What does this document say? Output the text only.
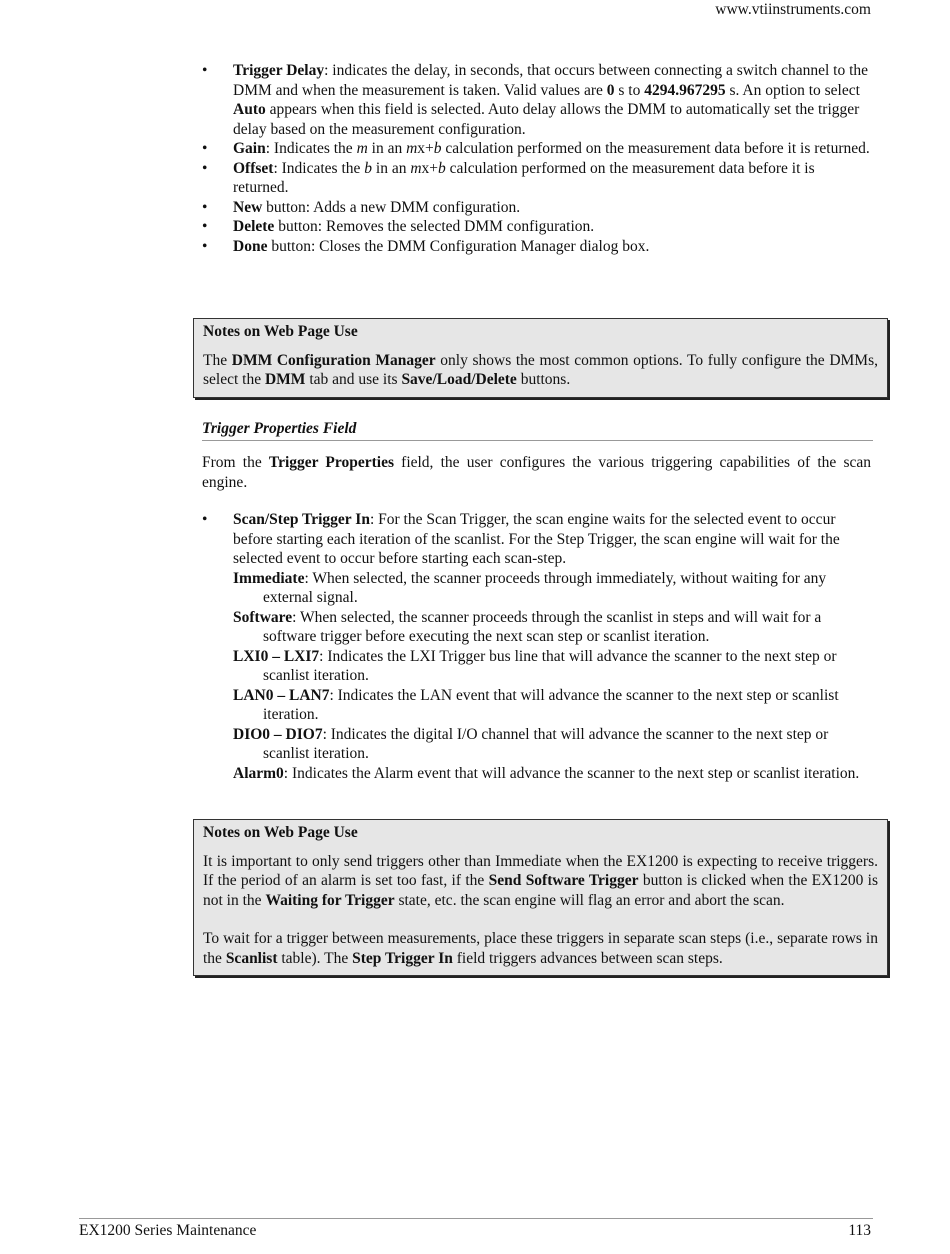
www.vtiinstruments.com
• Trigger Delay: indicates the delay, in seconds, that occurs between connecting a switch channel to the DMM and when the measurement is taken. Valid values are 0 s to 4294.967295 s. An option to select Auto appears when this field is selected. Auto delay allows the DMM to automatically set the trigger delay based on the measurement configuration.
• Gain: Indicates the m in an mx+b calculation performed on the measurement data before it is returned.
• Offset: Indicates the b in an mx+b calculation performed on the measurement data before it is returned.
• New button: Adds a new DMM configuration.
• Delete button: Removes the selected DMM configuration.
• Done button: Closes the DMM Configuration Manager dialog box.
Notes on Web Page Use

The DMM Configuration Manager only shows the most common options. To fully configure the DMMs, select the DMM tab and use its Save/Load/Delete buttons.

Trigger Properties Field

From the Trigger Properties field, the user configures the various triggering capabilities of the scan engine.

• Scan/Step Trigger In: For the Scan Trigger, the scan engine waits for the selected event to occur before starting each iteration of the scanlist. For the Step Trigger, the scan engine will wait for the selected event to occur before starting each scan-step.
Immediate: When selected, the scanner proceeds through immediately, without waiting for any external signal.
Software: When selected, the scanner proceeds through the scanlist in steps and will wait for a software trigger before executing the next scan step or scanlist iteration.
LXI0 – LXI7: Indicates the LXI Trigger bus line that will advance the scanner to the next step or scanlist iteration.
LAN0 – LAN7: Indicates the LAN event that will advance the scanner to the next step or scanlist iteration.
DIO0 – DIO7: Indicates the digital I/O channel that will advance the scanner to the next step or scanlist iteration.
Alarm0: Indicates the Alarm event that will advance the scanner to the next step or scanlist iteration.
Notes on Web Page Use

It is important to only send triggers other than Immediate when the EX1200 is expecting to receive triggers. If the period of an alarm is set too fast, if the Send Software Trigger button is clicked when the EX1200 is not in the Waiting for Trigger state, etc. the scan engine will flag an error and abort the scan.

To wait for a trigger between measurements, place these triggers in separate scan steps (i.e., separate rows in the Scanlist table). The Step Trigger In field triggers advances between scan steps.

EX1200 Series Maintenance	113
